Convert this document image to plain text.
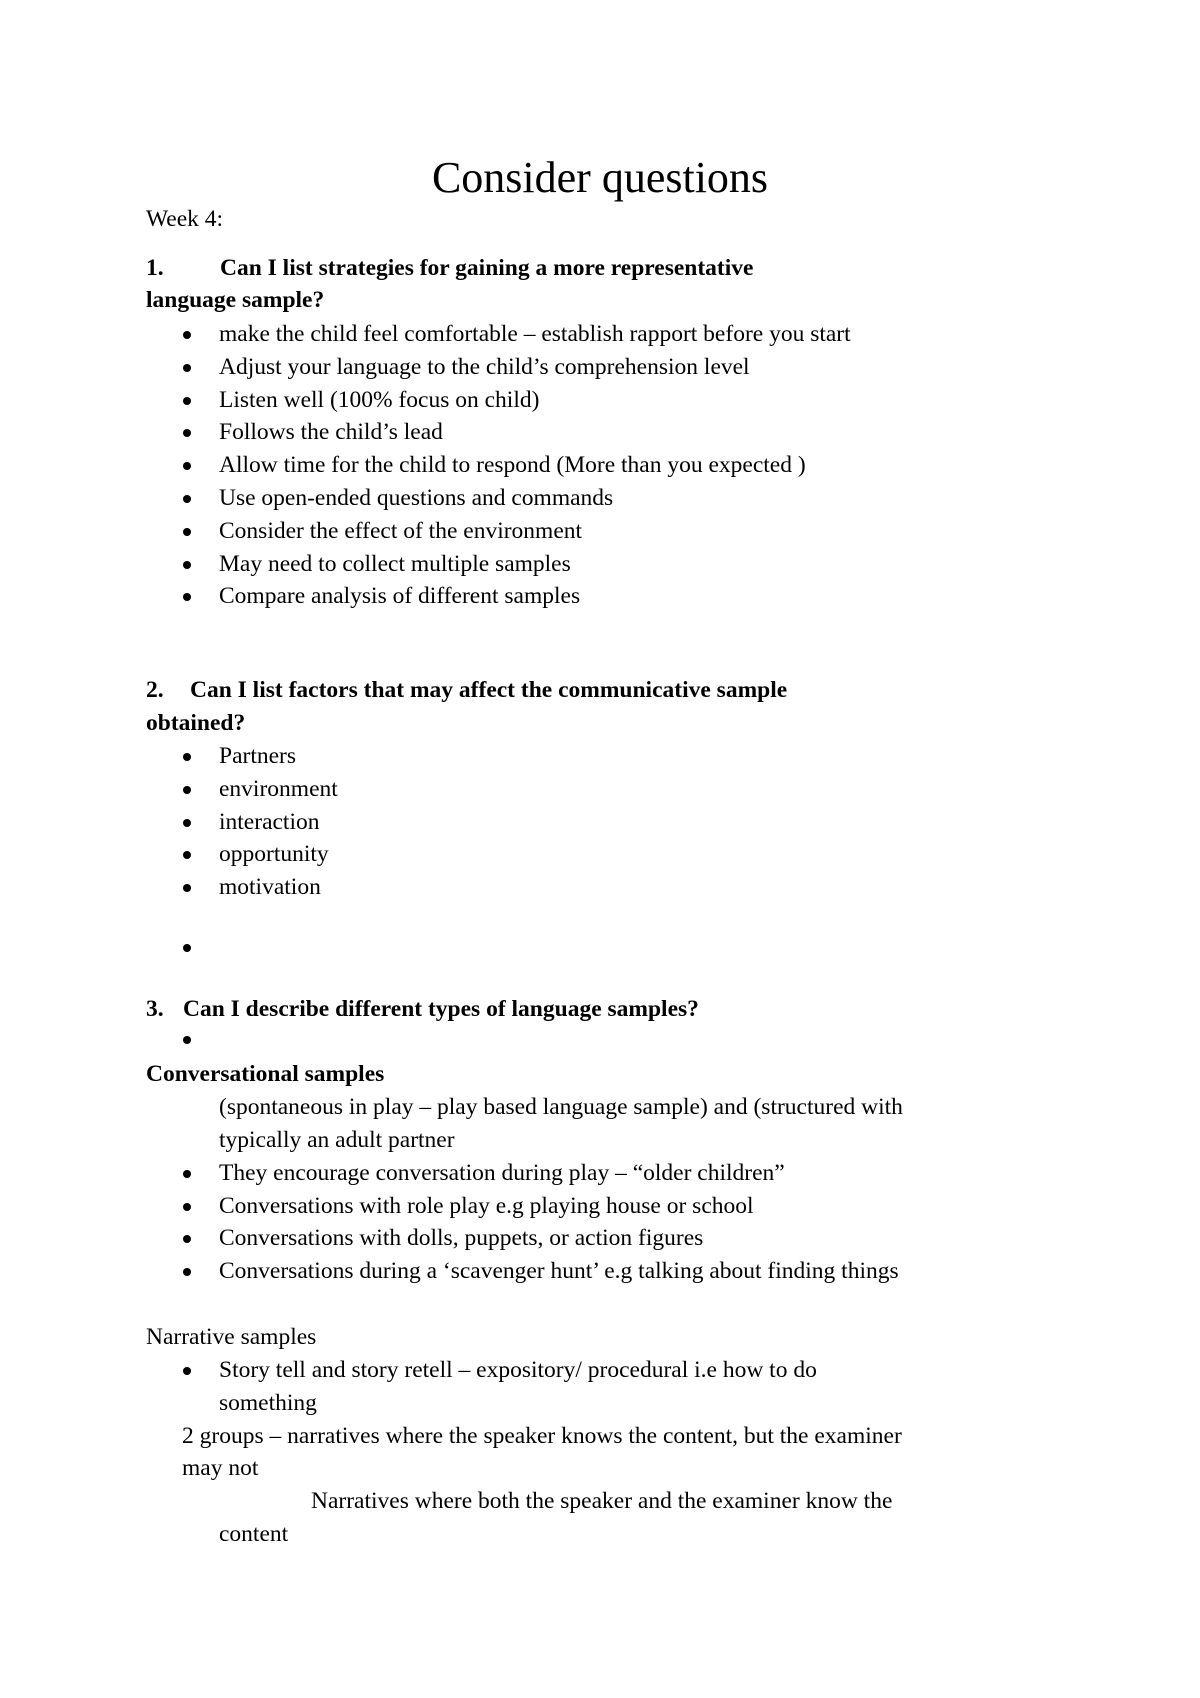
Consider questions
Week 4:
1. Can I list strategies for gaining a more representative
language sample?
make the child feel comfortable – establish rapport before you start
Adjust your language to the child’s comprehension level
Listen well (100% focus on child)
Follows the child’s lead
Allow time for the child to respond (More than you expected )
Use open-ended questions and commands
Consider the effect of the environment
May need to collect multiple samples
Compare analysis of different samples
2. Can I list factors that may affect the communicative sample
obtained?
Partners
environment
interaction
opportunity
motivation
3. Can I describe different types of language samples?
Conversational samples
(spontaneous in play – play based language sample) and (structured with
typically an adult partner
They encourage conversation during play – “older children”
Conversations with role play e.g playing house or school
Conversations with dolls, puppets, or action figures
Conversations during a ‘scavenger hunt’ e.g talking about finding things
Narrative samples
Story tell and story retell – expository/ procedural i.e how to do
something
2 groups – narratives where the speaker knows the content, but the examiner
may not
Narratives where both the speaker and the examiner know the
content
